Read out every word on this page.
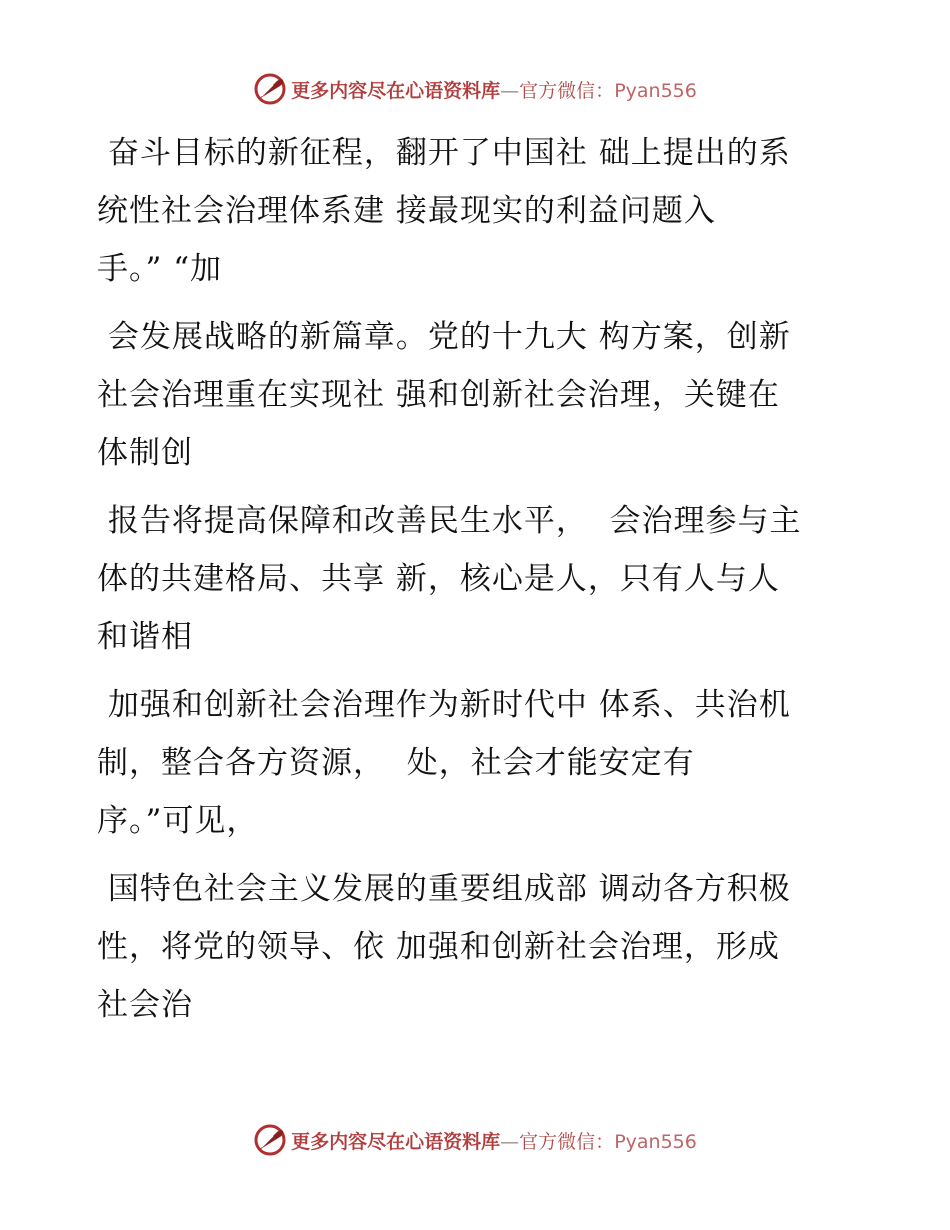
更多内容尽在心语资料库—官方微信：Pyan556
奋斗目标的新征程，翻开了中国社 础上提出的系
统性社会治理体系建 接最现实的利益问题入
手。” “加
会发展战略的新篇章。党的十九大 构方案，创新
社会治理重在实现社 强和创新社会治理，关键在
体制创
报告将提高保障和改善民生水平，  会治理参与主
体的共建格局、共享 新，核心是人，只有人与人
和谐相
加强和创新社会治理作为新时代中 体系、共治机
制，整合各方资源，  处，社会才能安定有
序。”可见，
国特色社会主义发展的重要组成部 调动各方积极
性，将党的领导、依 加强和创新社会治理，形成
社会治
更多内容尽在心语资料库—官方微信：Pyan556
